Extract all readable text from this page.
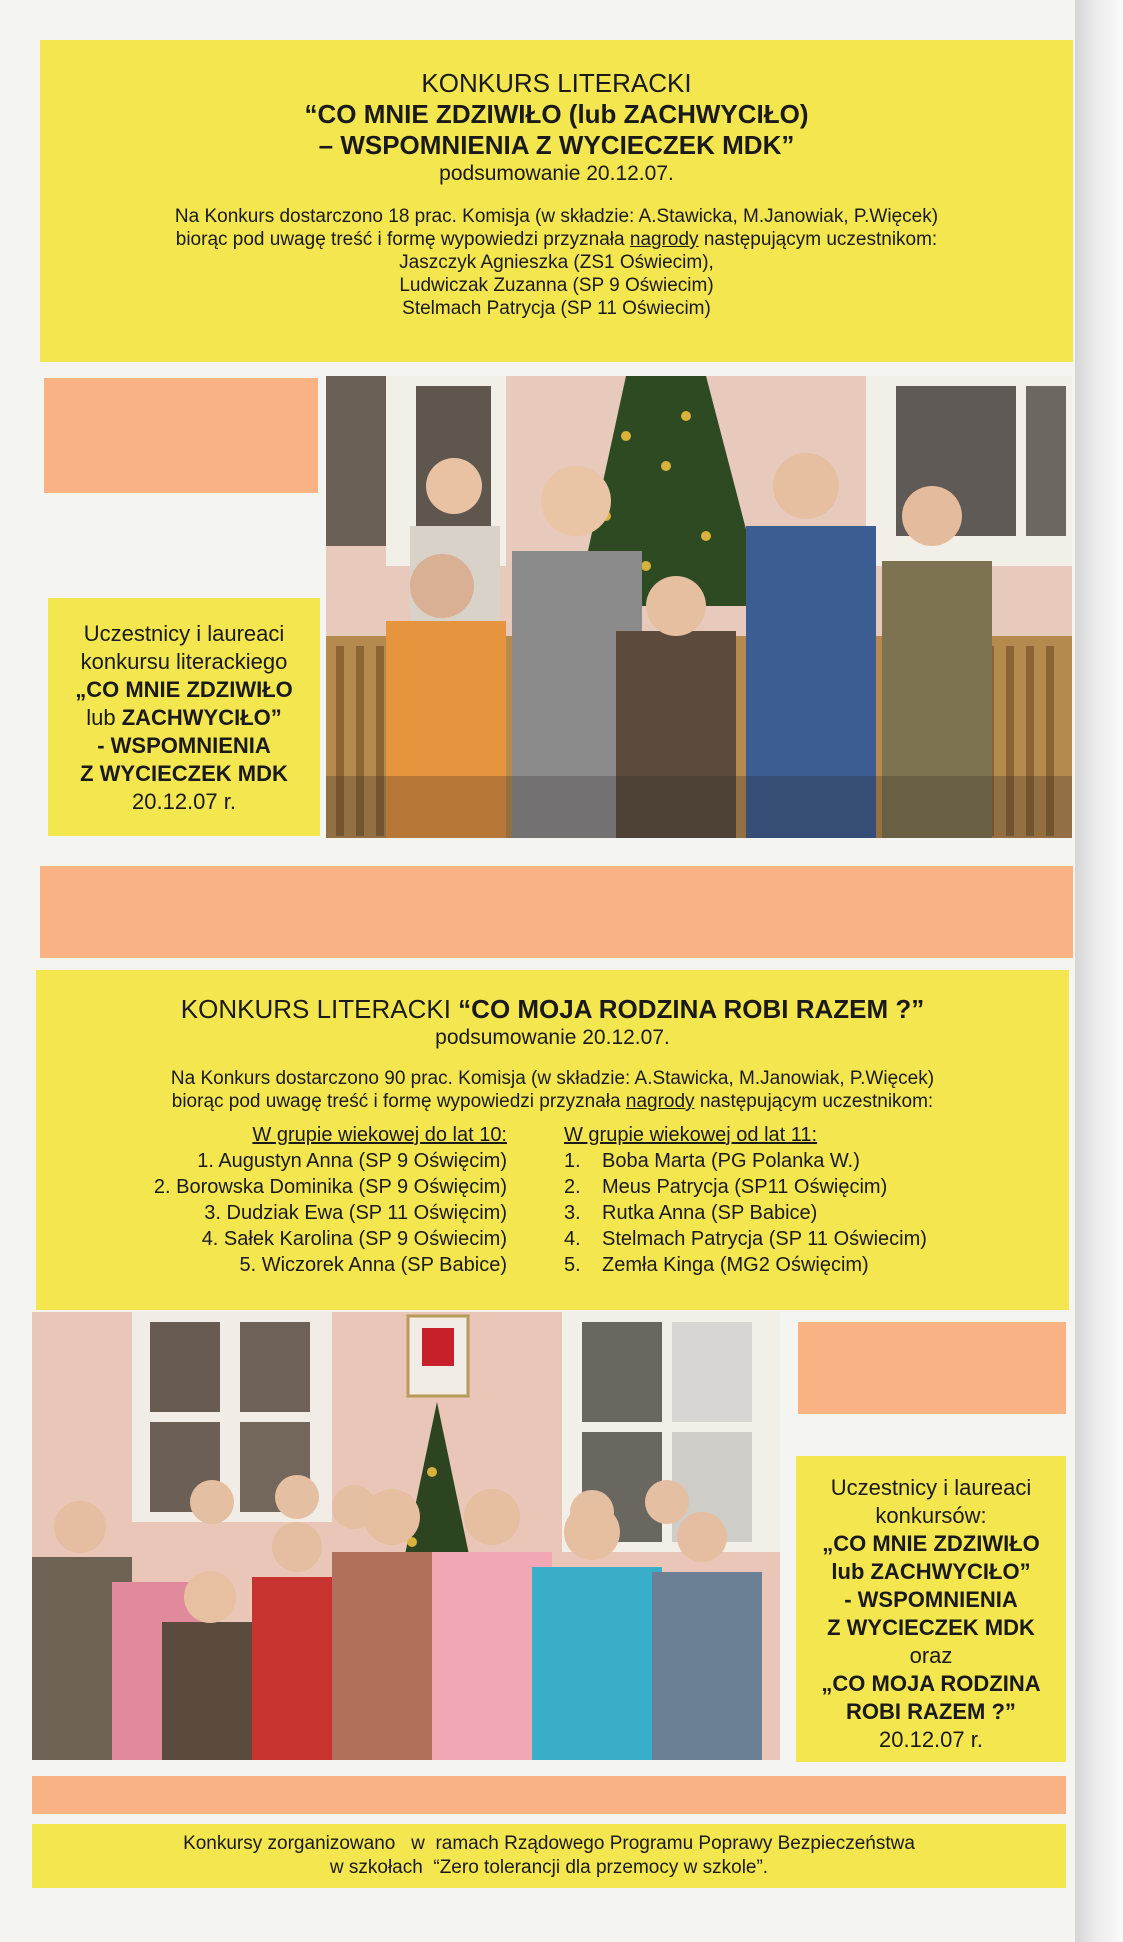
KONKURS LITERACKI
“CO MNIE ZDZIWIŁO (lub ZACHWYCIŁO)
– WSPOMNIENIA Z WYCIECZEK MDK”
podsumowanie 20.12.07.
Na Konkurs dostarczono 18 prac. Komisja (w składzie: A.Stawicka, M.Janowiak, P.Więcek)
biorąc pod uwagę treść i formę wypowiedzi przyznała nagrody następującym uczestnikom:
Jaszczyk Agnieszka (ZS1 Oświecim),
Ludwiczak Zuzanna (SP 9 Oświecim)
Stelmach Patrycja (SP 11 Oświecim)
Uczestnicy i laureaci
konkursu literackiego
„CO MNIE ZDZIWIŁO
lub ZACHWYCIŁO”
- WSPOMNIENIA
Z WYCIECZEK MDK
20.12.07 r.
KONKURS LITERACKI “CO MOJA RODZINA ROBI RAZEM ?”
podsumowanie 20.12.07.
Na Konkurs dostarczono 90 prac. Komisja (w składzie: A.Stawicka, M.Janowiak, P.Więcek)
biorąc pod uwagę treść i formę wypowiedzi przyznała nagrody następującym uczestnikom:
W grupie wiekowej do lat 10:
1. Augustyn Anna (SP 9 Oświęcim)
2. Borowska Dominika (SP 9 Oświęcim)
3. Dudziak Ewa (SP 11 Oświęcim)
4. Sałek Karolina (SP 9 Oświecim)
5. Wiczorek Anna (SP Babice)
W grupie wiekowej od lat 11:
1. Boba Marta (PG Polanka W.)
2. Meus Patrycja (SP11 Oświęcim)
3. Rutka Anna (SP Babice)
4. Stelmach Patrycja (SP 11 Oświecim)
5. Zemła Kinga (MG2 Oświęcim)
Uczestnicy i laureaci
konkursów:
„CO MNIE ZDZIWIŁO
lub ZACHWYCIŁO”
- WSPOMNIENIA
Z WYCIECZEK MDK
oraz
„CO MOJA RODZINA
ROBI RAZEM ?”
20.12.07 r.
Konkursy zorganizowano   w  ramach Rządowego Programu Poprawy Bezpieczeństwa
w szkołach  “Zero tolerancji dla przemocy w szkole”.
